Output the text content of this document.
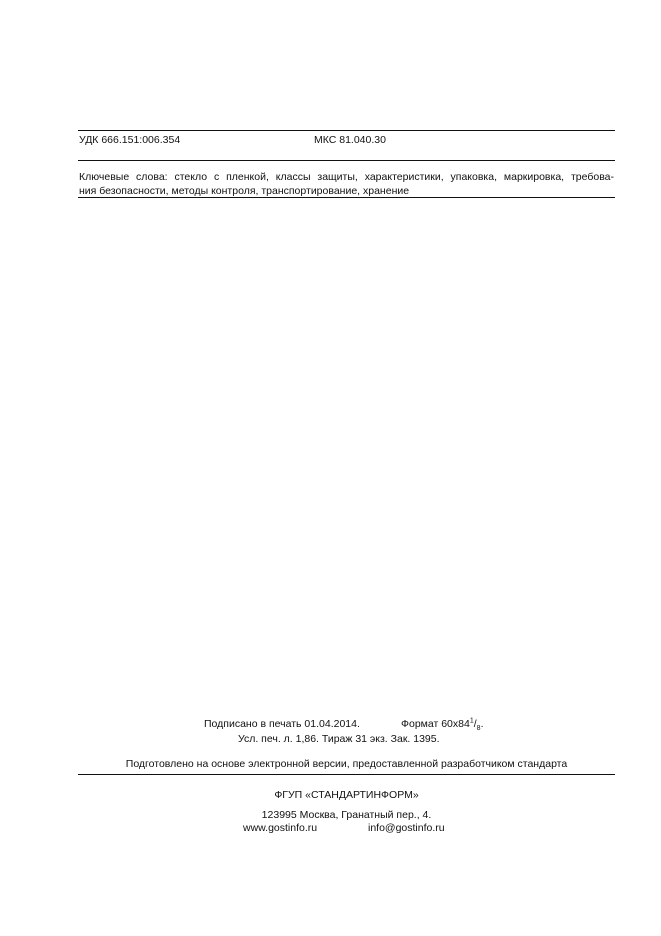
УДК 666.151:006.354	МКС 81.040.30
Ключевые слова: стекло с пленкой, классы защиты, характеристики, упаковка, маркировка, требова-
ния безопасности, методы контроля, транспортирование, хранение
Подписано в печать 01.04.2014.	Формат $60х84^1/_8$.
Усл. печ. л. 1,86. Тираж 31 экз. Зак. 1395.
Подготовлено на основе электронной версии, предоставленной разработчиком стандарта
ФГУП «СТАНДАРТИНФОРМ»
123995 Москва, Гранатный пер., 4.
www.gostinfo.ru	info@gostinfo.ru
